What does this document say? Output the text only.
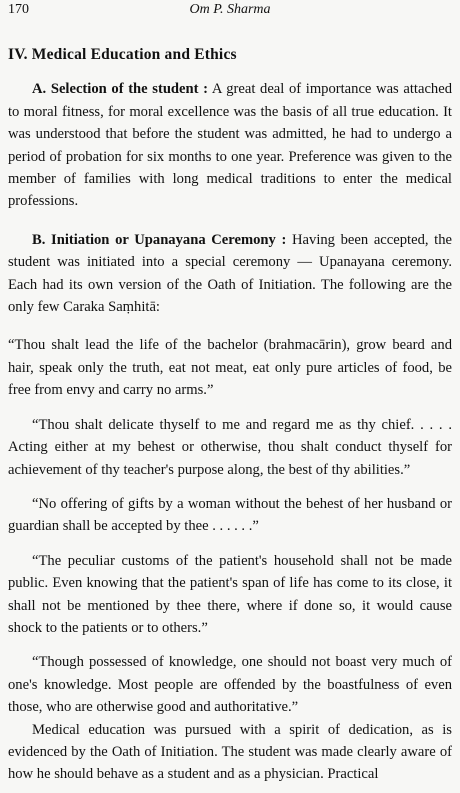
170	Om P. Sharma
IV. Medical Education and Ethics

A. Selection of the student : A great deal of importance was attached to moral fitness, for moral excellence was the basis of all true education. It was understood that before the student was admitted, he had to undergo a period of probation for six months to one year. Preference was given to the member of families with long medical traditions to enter the medical professions.

B. Initiation or Upanayana Ceremony : Having been accepted, the student was initiated into a special ceremony — Upanayana ceremony. Each had its own version of the Oath of Initiation. The following are the only few Caraka Saṃhitā:

“Thou shalt lead the life of the bachelor (brahmacārin), grow beard and hair, speak only the truth, eat not meat, eat only pure articles of food, be free from envy and carry no arms.”

“Thou shalt delicate thyself to me and regard me as thy chief. . . . . Acting either at my behest or otherwise, thou shalt conduct thyself for achievement of thy teacher's purpose along, the best of thy abilities.”

“No offering of gifts by a woman without the behest of her husband or guardian shall be accepted by thee . . . . . .”

“The peculiar customs of the patient's household shall not be made public. Even knowing that the patient's span of life has come to its close, it shall not be mentioned by thee there, where if done so, it would cause shock to the patients or to others.”

“Though possessed of knowledge, one should not boast very much of one's knowledge. Most people are offended by the boastfulness of even those, who are otherwise good and authoritative.”

Medical education was pursued with a spirit of dedication, as is evidenced by the Oath of Initiation. The student was made clearly aware of how he should behave as a student and as a physician. Practical
